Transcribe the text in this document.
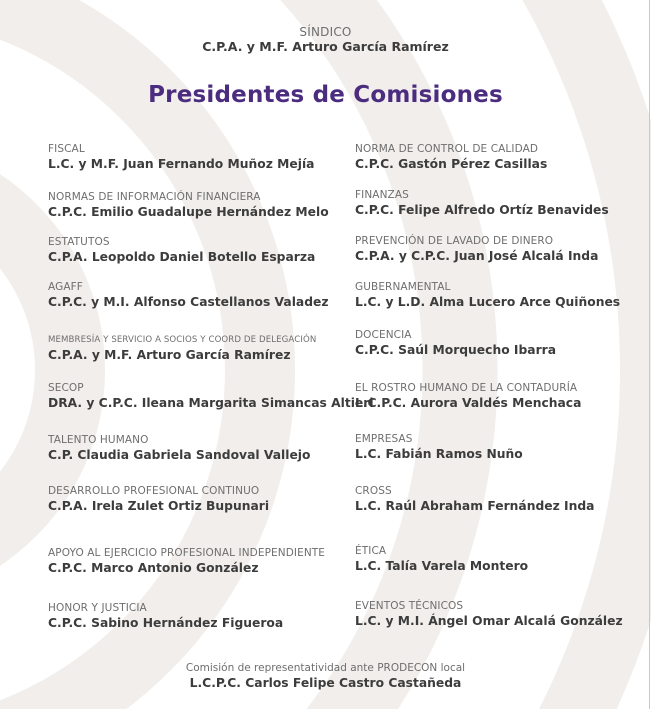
SÍNDICO
C.P.A. y M.F. Arturo García Ramírez
Presidentes de Comisiones
FISCAL
L.C. y M.F. Juan Fernando Muñoz Mejía
NORMAS DE INFORMACIÓN FINANCIERA
C.P.C. Emilio Guadalupe Hernández Melo
ESTATUTOS
C.P.A. Leopoldo Daniel Botello Esparza
AGAFF
C.P.C. y M.I. Alfonso Castellanos Valadez
MEMBRESÍA Y SERVICIO A SOCIOS Y COORD DE DELEGACIÓN
C.P.A. y M.F. Arturo García Ramírez
SECOP
DRA. y C.P.C. Ileana Margarita Simancas Altieri
TALENTO HUMANO
C.P. Claudia Gabriela Sandoval Vallejo
DESARROLLO PROFESIONAL CONTINUO
C.P.A. Irela Zulet Ortiz Bupunari
APOYO AL EJERCICIO PROFESIONAL INDEPENDIENTE
C.P.C. Marco Antonio González
HONOR Y JUSTICIA
C.P.C. Sabino Hernández Figueroa
NORMA DE CONTROL DE CALIDAD
C.P.C. Gastón Pérez Casillas
FINANZAS
C.P.C. Felipe Alfredo Ortíz Benavides
PREVENCIÓN DE LAVADO DE DINERO
C.P.A. y C.P.C. Juan José Alcalá Inda
GUBERNAMENTAL
L.C. y L.D. Alma Lucero Arce Quiñones
DOCENCIA
C.P.C. Saúl Morquecho Ibarra
EL ROSTRO HUMANO DE LA CONTADURÍA
L.C.P.C. Aurora Valdés Menchaca
EMPRESAS
L.C. Fabián Ramos Nuño
CROSS
L.C. Raúl Abraham Fernández Inda
ÉTICA
L.C. Talía Varela Montero
EVENTOS TÉCNICOS
L.C. y M.I. Ángel Omar Alcalá González
Comisión de representatividad ante PRODECON local
L.C.P.C. Carlos Felipe Castro Castañeda
